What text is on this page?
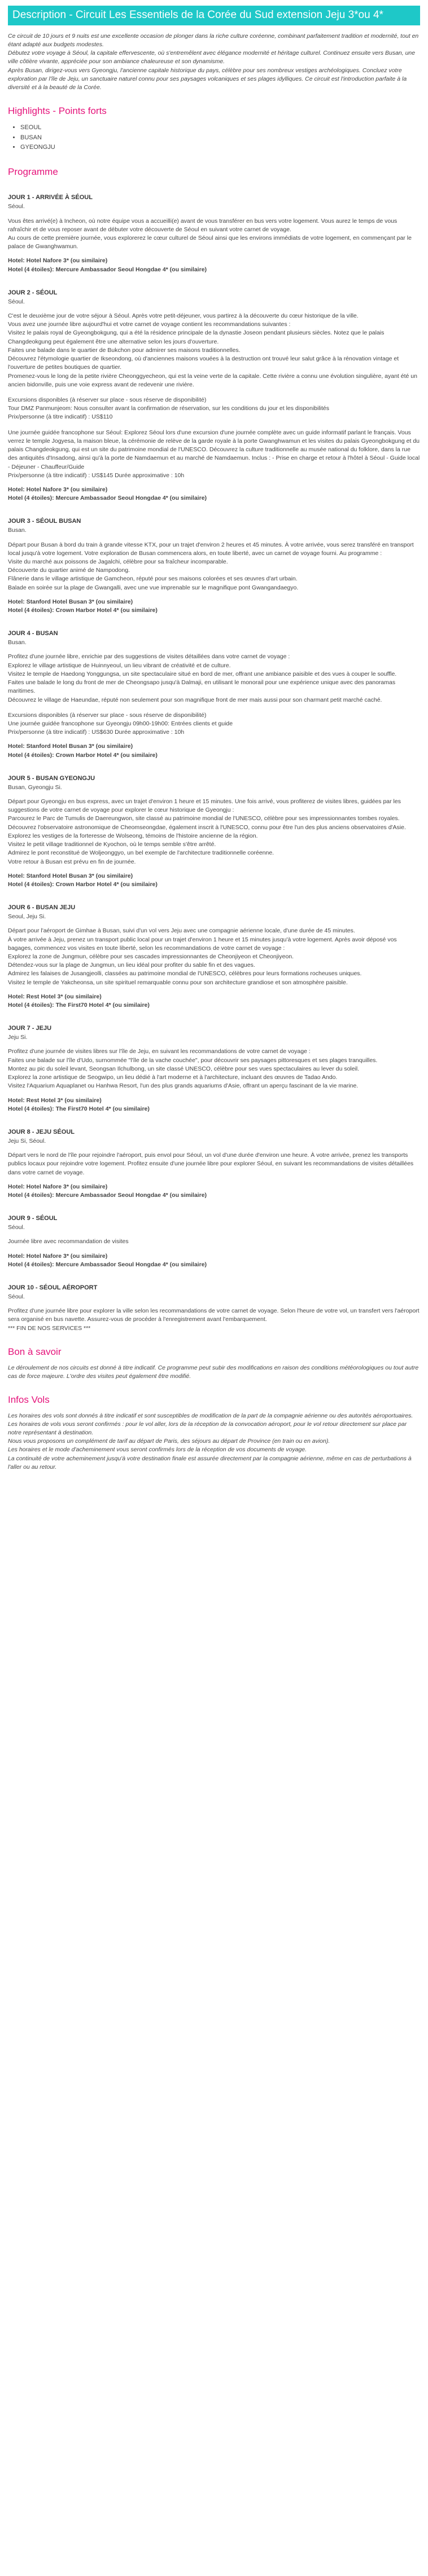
Description - Circuit Les Essentiels de la Corée du Sud extension Jeju 3*ou 4*

Ce circuit de 10 jours et 9 nuits est une excellente occasion de plonger dans la riche culture coréenne, combinant parfaitement tradition et modernité, tout en étant adapté aux budgets modestes.

Débutez votre voyage à Séoul, la capitale effervescente, où s'entremêlent avec élégance modernité et héritage culturel. Continuez ensuite vers Busan, une ville côtière vivante, appréciée pour son ambiance chaleureuse et son dynamisme.

Après Busan, dirigez-vous vers Gyeongju, l'ancienne capitale historique du pays, célèbre pour ses nombreux vestiges archéologiques. Concluez votre exploration par l'île de Jeju, un sanctuaire naturel connu pour ses paysages volcaniques et ses plages idylliques. Ce circuit est l'introduction parfaite à la diversité et à la beauté de la Corée.

Highlights - Points forts
• SEOUL
• BUSAN
• GYEONGJU
Programme
JOUR 1 - ARRIVÉE À SÉOUL
Séoul.

Vous êtes arrivé(e) à Incheon, où notre équipe vous a accueilli(e) avant de vous transférer en bus vers votre logement. Vous aurez le temps de vous rafraîchir et de vous reposer avant de débuter votre découverte de Séoul en suivant votre carnet de voyage.

Au cours de cette première journée, vous explorerez le cœur culturel de Séoul ainsi que les environs immédiats de votre logement, en commençant par le palace de Gwanghwamun.

Hotel: Hotel Nafore 3* (ou similaire)

Hotel (4 étoiles): Mercure Ambassador Seoul Hongdae 4* (ou similaire)

JOUR 2 - SÉOUL
Séoul.

C'est le deuxième jour de votre séjour à Séoul. Après votre petit-déjeuner, vous partirez à la découverte du cœur historique de la ville.

Vous avez une journée libre aujourd'hui et votre carnet de voyage contient les recommandations suivantes :

Visitez le palais royal de Gyeongbokgung, qui a été la résidence principale de la dynastie Joseon pendant plusieurs siècles. Notez que le palais Changdeokgung peut également être une alternative selon les jours d'ouverture.

Faites une balade dans le quartier de Bukchon pour admirer ses maisons traditionnelles.

Découvrez l'étymologie quartier de Ikseondong, où d'anciennes maisons vouées à la destruction ont trouvé leur salut grâce à la rénovation vintage et l'ouverture de petites boutiques de quartier.

Promenez-vous le long de la petite rivière Cheonggyecheon, qui est la veine verte de la capitale. Cette rivière a connu une évolution singulière, ayant été un ancien bidonville, puis une voie express avant de redevenir une rivière.

Excursions disponibles (à réserver sur place - sous réserve de disponibilité)

Tour DMZ Panmunjeom: Nous consulter avant la confirmation de réservation, sur les conditions du jour et les disponibilités

Prix/personne (à titre indicatif) : US$110

Une journée guidée francophone sur Séoul: Explorez Séoul lors d'une excursion d'une journée complète avec un guide informatif parlant le français. Vous verrez le temple Jogyesa, la maison bleue, la cérémonie de relève de la garde royale à la porte Gwanghwamun et les visites du palais Gyeongbokgung et du palais Changdeokgung, qui est un site du patrimoine mondial de l'UNESCO. Découvrez la culture traditionnelle au musée national du folklore, dans la rue des antiquités d'Insadong, ainsi qu'à la porte de Namdaemun et au marché de Namdaemun. Inclus : - Prise en charge et retour à l'hôtel à Séoul - Guide local - Déjeuner - Chauffeur/Guide

Prix/personne (à titre indicatif) : US$145 Durée approximative : 10h

Hotel: Hotel Nafore 3* (ou similaire)

Hotel (4 étoiles): Mercure Ambassador Seoul Hongdae 4* (ou similaire)

JOUR 3 - SÉOUL BUSAN
Busan.

Départ pour Busan à bord du train à grande vitesse KTX, pour un trajet d'environ 2 heures et 45 minutes. À votre arrivée, vous serez transféré en transport local jusqu'à votre logement. Votre exploration de Busan commencera alors, en toute liberté, avec un carnet de voyage fourni. Au programme :

Visite du marché aux poissons de Jagalchi, célèbre pour sa fraîcheur incomparable.

Découverte du quartier animé de Nampodong.

Flânerie dans le village artistique de Gamcheon, réputé pour ses maisons colorées et ses œuvres d'art urbain.

Balade en soirée sur la plage de Gwangalli, avec une vue imprenable sur le magnifique pont Gwangandaegyo.

Hotel: Stanford Hotel Busan 3* (ou similaire)

Hotel (4 étoiles): Crown Harbor Hotel 4* (ou similaire)

JOUR 4 - BUSAN
Busan.

Profitez d'une journée libre, enrichie par des suggestions de visites détaillées dans votre carnet de voyage :

Explorez le village artistique de Huinnyeoul, un lieu vibrant de créativité et de culture.

Visitez le temple de Haedong Yonggungsa, un site spectaculaire situé en bord de mer, offrant une ambiance paisible et des vues à couper le souffle.

Faites une balade le long du front de mer de Cheongsapo jusqu'à Dalmaji, en utilisant le monorail pour une expérience unique avec des panoramas maritimes.

Découvrez le village de Haeundae, réputé non seulement pour son magnifique front de mer mais aussi pour son charmant petit marché caché.

Excursions disponibles (à réserver sur place - sous réserve de disponibilité)

Une journée guidée francophone sur Gyeongju 09h00-19h00: Entrées clients et guide

Prix/personne (à titre indicatif) : US$630 Durée approximative : 10h

Hotel: Stanford Hotel Busan 3* (ou similaire)

Hotel (4 étoiles): Crown Harbor Hotel 4* (ou similaire)

JOUR 5 - BUSAN GYEONGJU
Busan, Gyeongju Si.

Départ pour Gyeongju en bus express, avec un trajet d'environ 1 heure et 15 minutes. Une fois arrivé, vous profiterez de visites libres, guidées par les suggestions de votre carnet de voyage pour explorer le cœur historique de Gyeongju :

Parcourez le Parc de Tumulis de Daereungwon, site classé au patrimoine mondial de l'UNESCO, célèbre pour ses impressionnantes tombes royales.

Découvrez l'observatoire astronomique de Cheomseongdae, également inscrit à l'UNESCO, connu pour être l'un des plus anciens observatoires d'Asie.

Explorez les vestiges de la forteresse de Wolseong, témoins de l'histoire ancienne de la région.

Visitez le petit village traditionnel de Kyochon, où le temps semble s'être arrêté.

Admirez le pont reconstitué de Woljeonggyo, un bel exemple de l'architecture traditionnelle coréenne.

Votre retour à Busan est prévu en fin de journée.

Hotel: Stanford Hotel Busan 3* (ou similaire)

Hotel (4 étoiles): Crown Harbor Hotel 4* (ou similaire)

JOUR 6 - BUSAN JEJU
Seoul, Jeju Si.

Départ pour l'aéroport de Gimhae à Busan, suivi d'un vol vers Jeju avec une compagnie aérienne locale, d'une durée de 45 minutes.

À votre arrivée à Jeju, prenez un transport public local pour un trajet d'environ 1 heure et 15 minutes jusqu'à votre logement. Après avoir déposé vos bagages, commencez vos visites en toute liberté, selon les recommandations de votre carnet de voyage :

Explorez la zone de Jungmun, célèbre pour ses cascades impressionnantes de Cheonjiyeon et Cheonjiyeon.

Détendez-vous sur la plage de Jungmun, un lieu idéal pour profiter du sable fin et des vagues.

Admirez les falaises de Jusangjeolli, classées au patrimoine mondial de l'UNESCO, célèbres pour leurs formations rocheuses uniques.

Visitez le temple de Yakcheonsa, un site spirituel remarquable connu pour son architecture grandiose et son atmosphère paisible.

Hotel: Rest Hotel 3* (ou similaire)

Hotel (4 étoiles): The First70 Hotel 4* (ou similaire)

JOUR 7 - JEJU
Jeju Si.

Profitez d'une journée de visites libres sur l'île de Jeju, en suivant les recommandations de votre carnet de voyage :

Faites une balade sur l'île d'Udo, surnommée "l'île de la vache couchée", pour découvrir ses paysages pittoresques et ses plages tranquilles.

Montez au pic du soleil levant, Seongsan Ilchulbong, un site classé UNESCO, célèbre pour ses vues spectaculaires au lever du soleil.

Explorez la zone artistique de Seogwipo, un lieu dédié à l'art moderne et à l'architecture, incluant des œuvres de Tadao Ando.

Visitez l'Aquarium Aquaplanet ou Hanhwa Resort, l'un des plus grands aquariums d'Asie, offrant un aperçu fascinant de la vie marine.

Hotel: Rest Hotel 3* (ou similaire)

Hotel (4 étoiles): The First70 Hotel 4* (ou similaire)

JOUR 8 - JEJU SÉOUL
Jeju Si, Séoul.

Départ vers le nord de l'île pour rejoindre l'aéroport, puis envol pour Séoul, un vol d'une durée d'environ une heure. À votre arrivée, prenez les transports publics locaux pour rejoindre votre logement. Profitez ensuite d'une journée libre pour explorer Séoul, en suivant les recommandations de visites détaillées dans votre carnet de voyage.

Hotel: Hotel Nafore 3* (ou similaire)

Hotel (4 étoiles): Mercure Ambassador Seoul Hongdae 4* (ou similaire)

JOUR 9 - SÉOUL
Séoul.

Journée libre avec recommandation de visites

Hotel: Hotel Nafore 3* (ou similaire)

Hotel (4 étoiles): Mercure Ambassador Seoul Hongdae 4* (ou similaire)

JOUR 10 - SÉOUL AÉROPORT
Séoul.

Profitez d'une journée libre pour explorer la ville selon les recommandations de votre carnet de voyage. Selon l'heure de votre vol, un transfert vers l'aéroport sera organisé en bus navette. Assurez-vous de procéder à l'enregistrement avant l'embarquement.

*** FIN DE NOS SERVICES ***

Bon à savoir

Le déroulement de nos circuits est donné à titre indicatif. Ce programme peut subir des modifications en raison des conditions météorologiques ou tout autre cas de force majeure. L'ordre des visites peut également être modifié.

Infos Vols

Les horaires des vols sont donnés à titre indicatif et sont susceptibles de modification de la part de la compagnie aérienne ou des autorités aéroportuaires.

Les horaires de vols vous seront confirmés : pour le vol aller, lors de la réception de la convocation aéroport, pour le vol retour directement sur place par notre représentant à destination.

Nous vous proposons un complément de tarif au départ de Paris, des séjours au départ de Province (en train ou en avion).

Les horaires et le mode d'acheminement vous seront confirmés lors de la réception de vos documents de voyage.

La continuité de votre acheminement jusqu'à votre destination finale est assurée directement par la compagnie aérienne, même en cas de perturbations à l'aller ou au retour.
